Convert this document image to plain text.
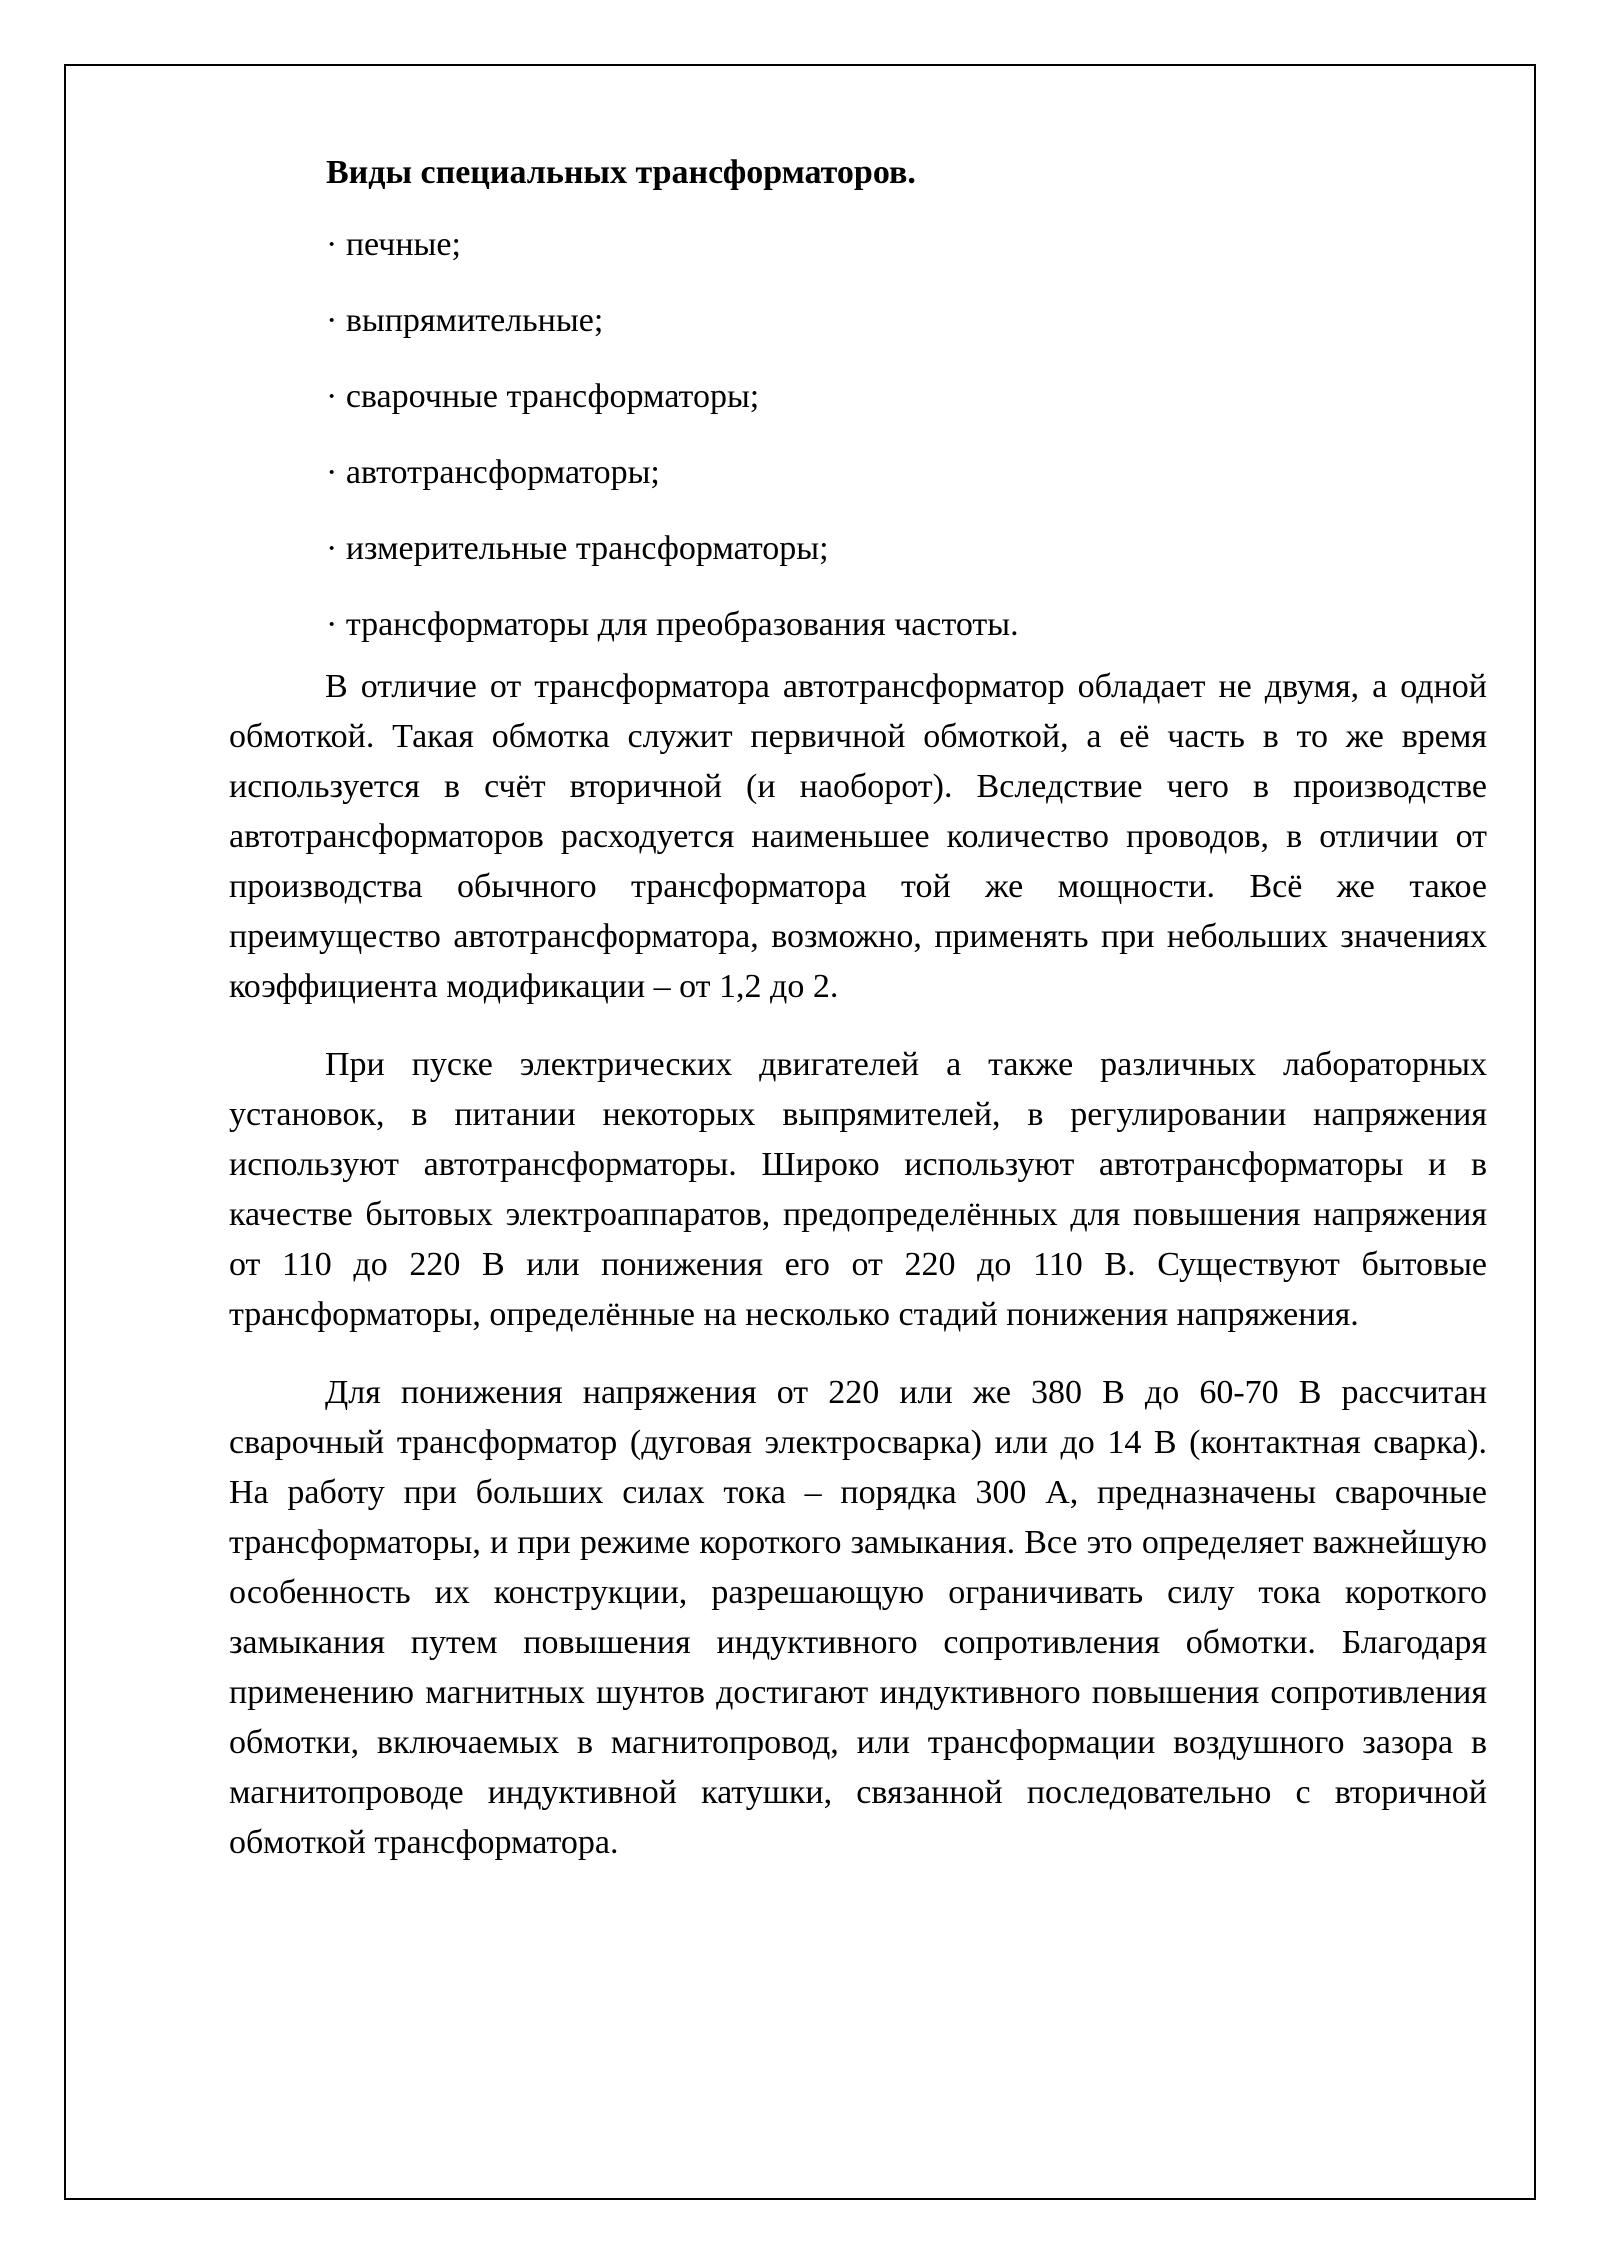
Виды специальных трансформаторов.
· печные;
· выпрямительные;
· сварочные трансформаторы;
· автотрансформаторы;
· измерительные трансформаторы;
· трансформаторы для преобразования частоты.

В отличие от трансформатора автотрансформатор обладает не двумя, а одной обмоткой. Такая обмотка служит первичной обмоткой, а её часть в то же время используется в счёт вторичной (и наоборот). Вследствие чего в производстве автотрансформаторов расходуется наименьшее количество проводов, в отличии от производства обычного трансформатора той же мощности. Всё же такое преимущество автотрансформатора, возможно, применять при небольших значениях коэффициента модификации – от 1,2 до 2.

При пуске электрических двигателей а также различных лабораторных установок, в питании некоторых выпрямителей, в регулировании напряжения используют автотрансформаторы. Широко используют автотрансформаторы и в качестве бытовых электроаппаратов, предопределённых для повышения напряжения от 110 до 220 В или понижения его от 220 до 110 В. Существуют бытовые трансформаторы, определённые на несколько стадий понижения напряжения.

Для понижения напряжения от 220 или же 380 В до 60-70 В рассчитан сварочный трансформатор (дуговая электросварка) или до 14 В (контактная сварка). На работу при больших силах тока – порядка 300 А, предназначены сварочные трансформаторы, и при режиме короткого замыкания. Все это определяет важнейшую особенность их конструкции, разрешающую ограничивать силу тока короткого замыкания путем повышения индуктивного сопротивления обмотки. Благодаря применению магнитных шунтов достигают индуктивного повышения сопротивления обмотки, включаемых в магнитопровод, или трансформации воздушного зазора в магнитопроводе индуктивной катушки, связанной последовательно с вторичной обмоткой трансформатора.
